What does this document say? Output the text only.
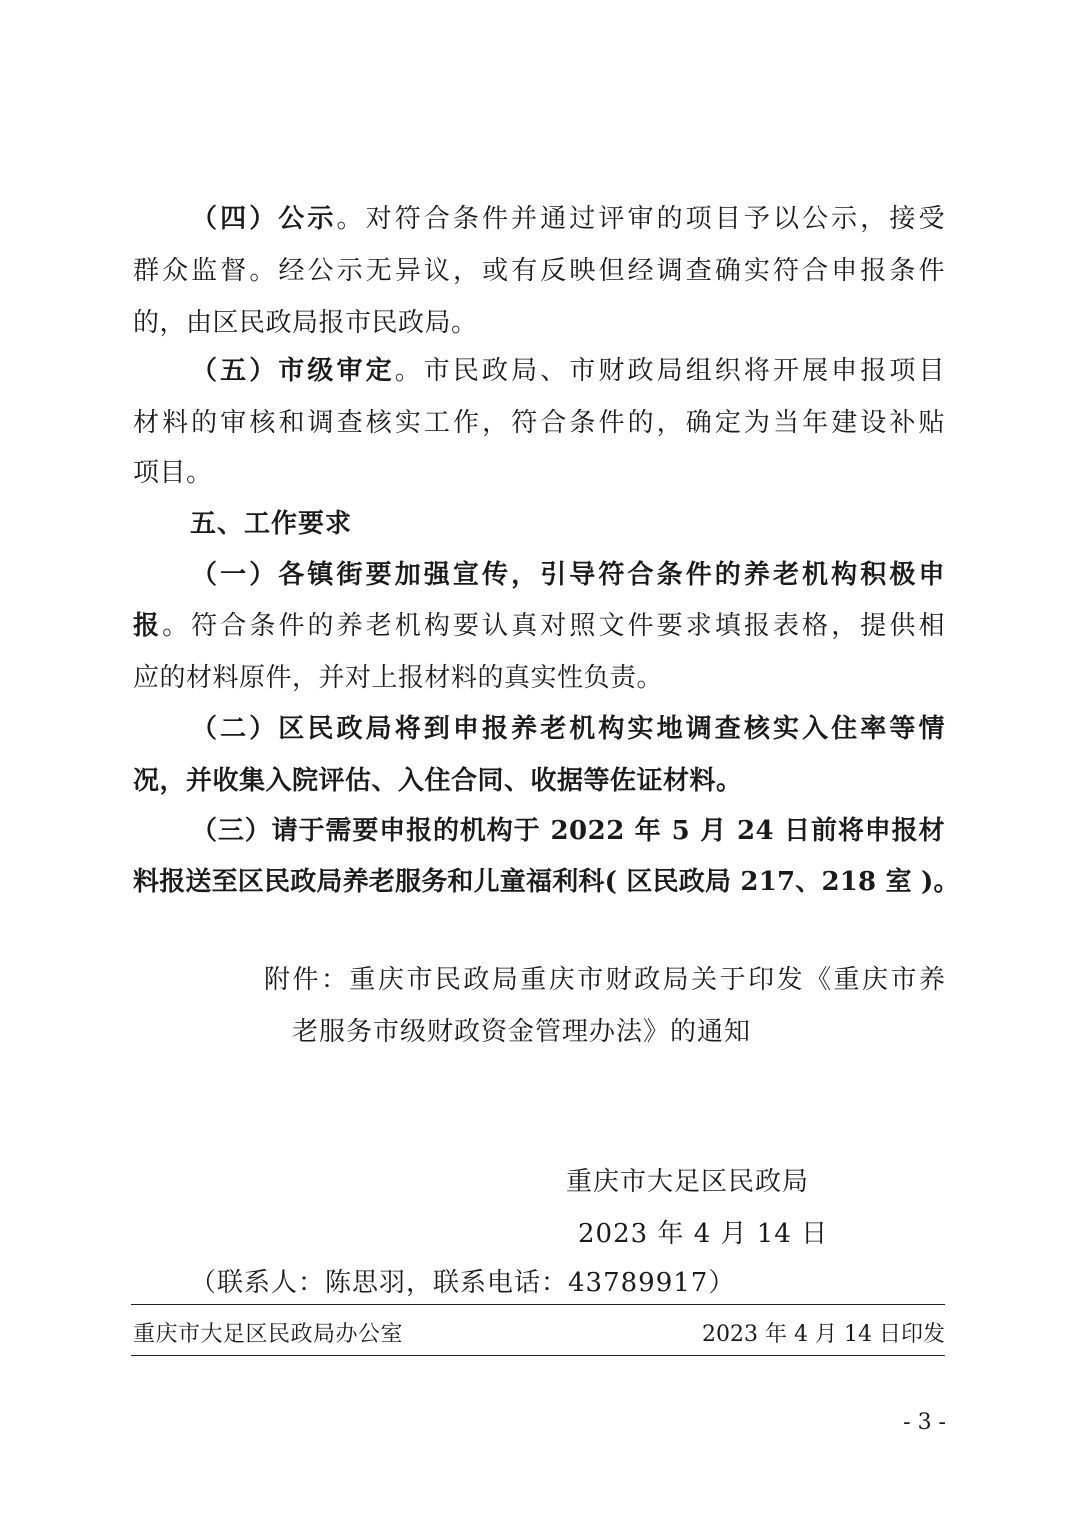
（四）公示。对符合条件并通过评审的项目予以公示，接受
群众监督。经公示无异议，或有反映但经调查确实符合申报条件
的，由区民政局报市民政局。
（五）市级审定。市民政局、市财政局组织将开展申报项目
材料的审核和调查核实工作，符合条件的，确定为当年建设补贴
项目。
五、工作要求
（一）各镇街要加强宣传，引导符合条件的养老机构积极申
报。符合条件的养老机构要认真对照文件要求填报表格，提供相
应的材料原件，并对上报材料的真实性负责。
（二）区民政局将到申报养老机构实地调查核实入住率等情
况，并收集入院评估、入住合同、收据等佐证材料。
（三）请于需要申报的机构于 2022 年 5 月 24 日前将申报材
料报送至区民政局养老服务和儿童福利科( 区民政局 217、218 室 )。
附件：重庆市民政局重庆市财政局关于印发《重庆市养
老服务市级财政资金管理办法》的通知
重庆市大足区民政局
2023 年 4 月 14 日
（联系人：陈思羽，联系电话：43789917）
重庆市大足区民政局办公室	2023 年 4 月 14 日印发
- 3 -
